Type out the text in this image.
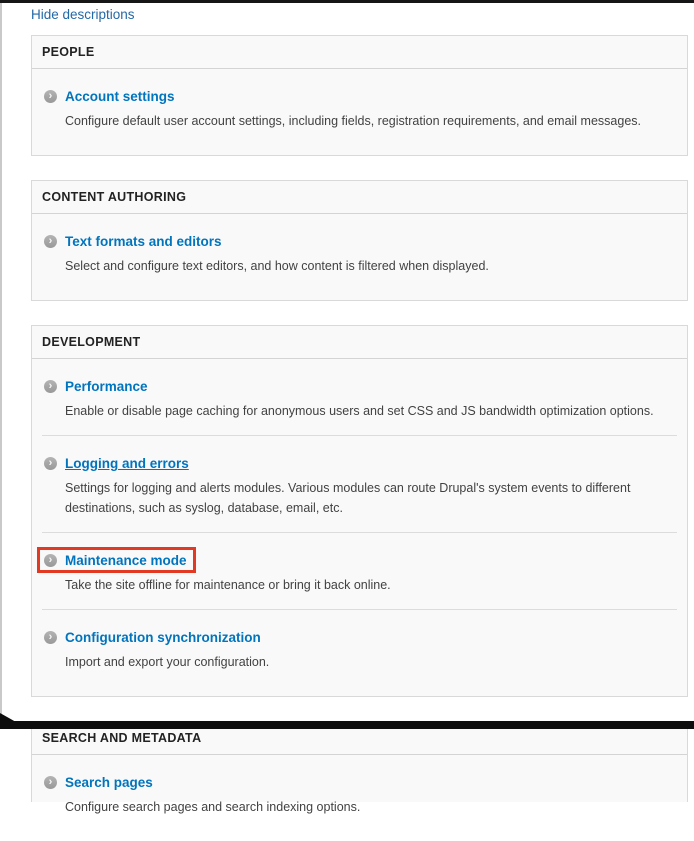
Hide descriptions
PEOPLE
› Account settings
Configure default user account settings, including fields, registration requirements, and email messages.
CONTENT AUTHORING
› Text formats and editors
Select and configure text editors, and how content is filtered when displayed.
DEVELOPMENT
› Performance
Enable or disable page caching for anonymous users and set CSS and JS bandwidth optimization options.
› Logging and errors
Settings for logging and alerts modules. Various modules can route Drupal's system events to different destinations, such as syslog, database, email, etc.
› Maintenance mode
Take the site offline for maintenance or bring it back online.
› Configuration synchronization
Import and export your configuration.
SEARCH AND METADATA
› Search pages
Configure search pages and search indexing options.
